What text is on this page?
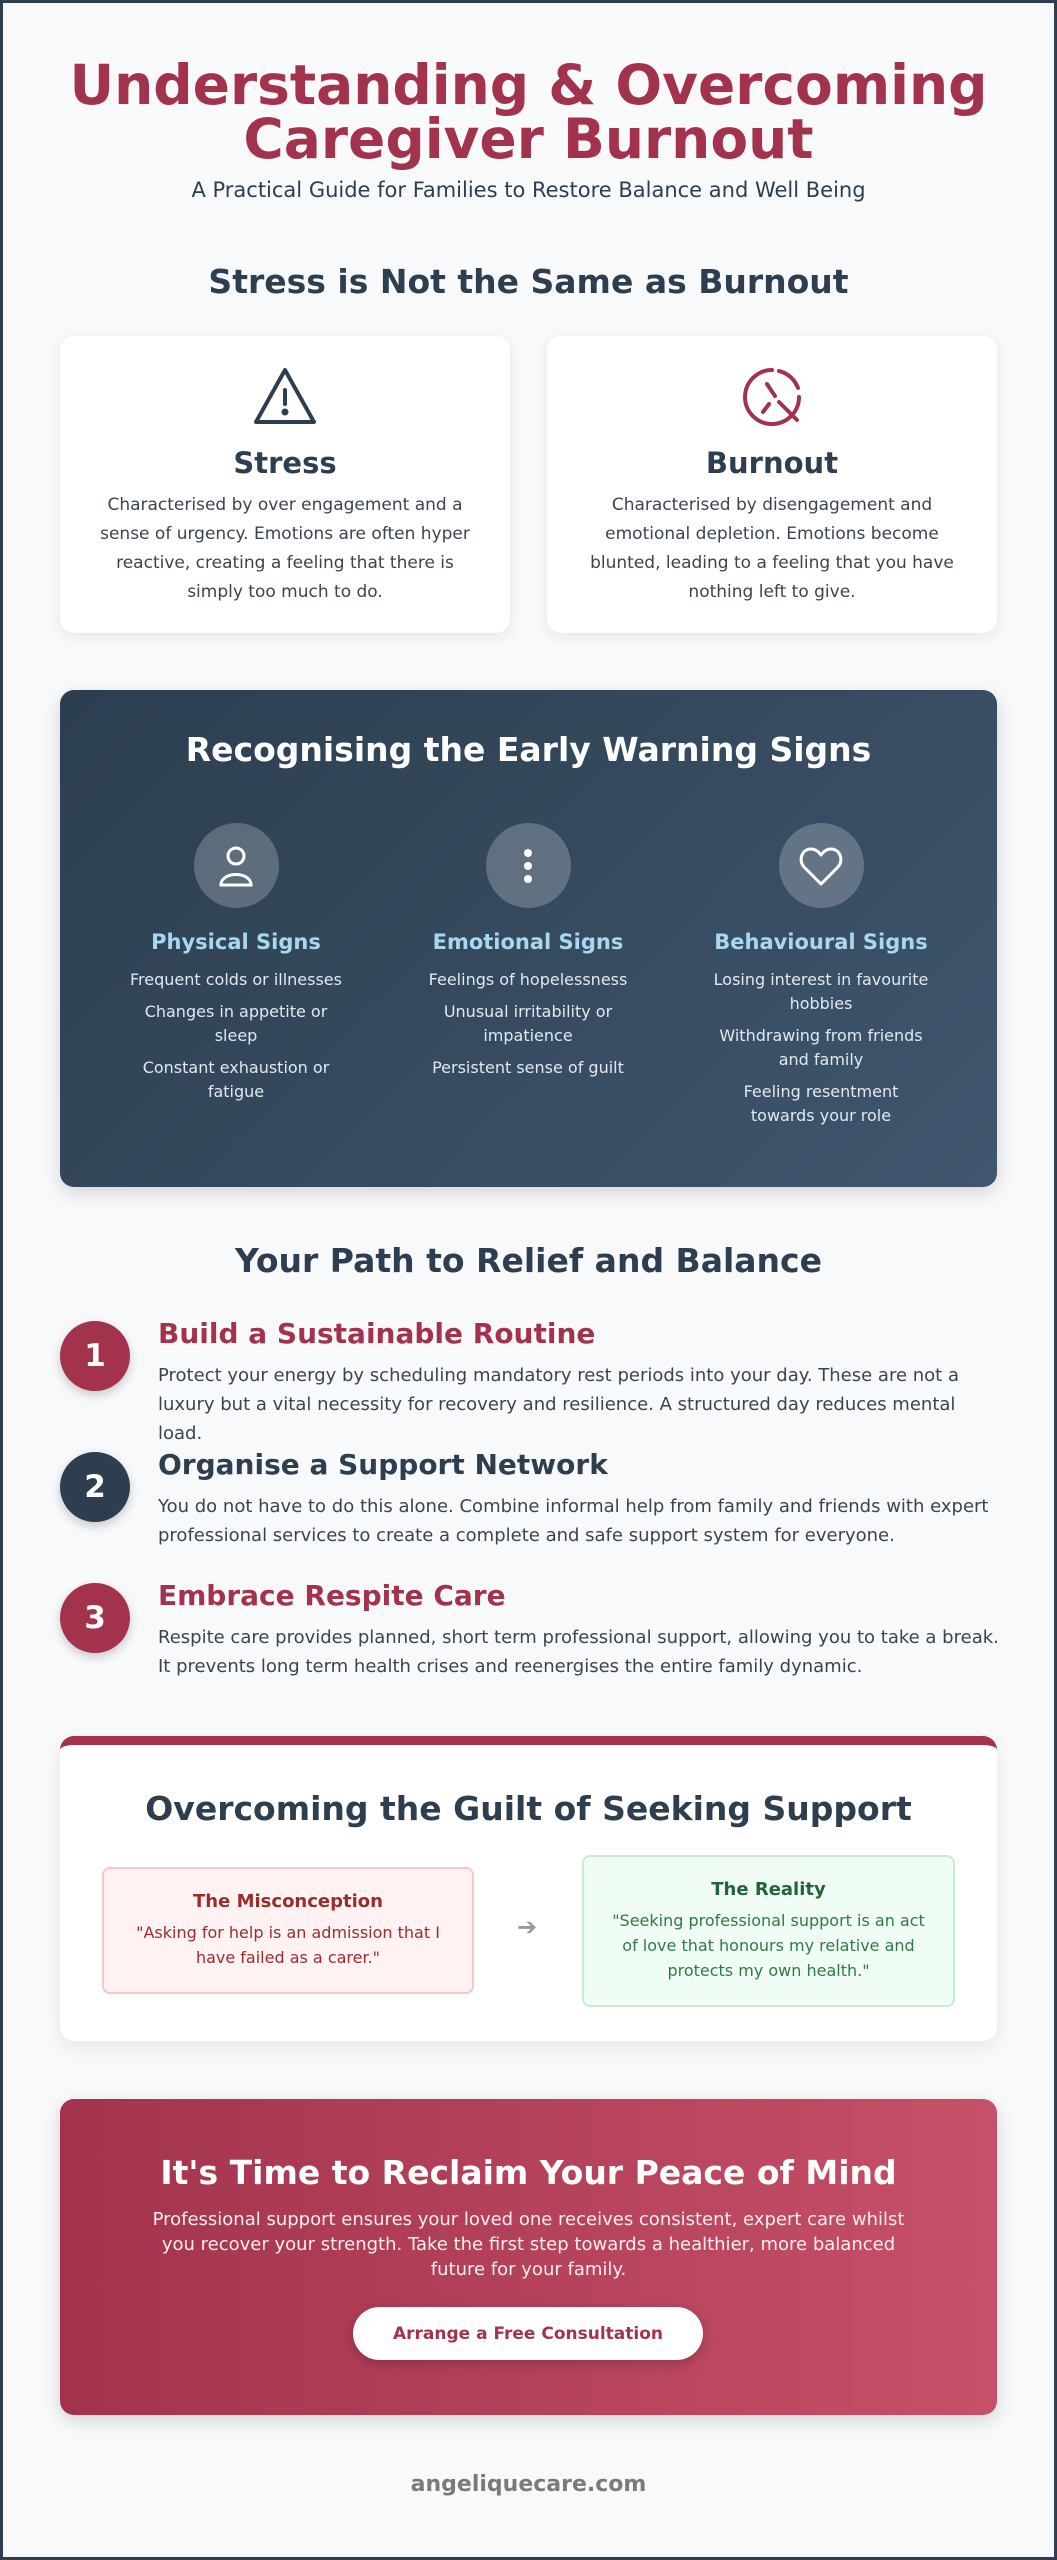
Understanding & Overcoming
Caregiver Burnout
A Practical Guide for Families to Restore Balance and Well Being
Stress is Not the Same as Burnout
Stress

Characterised by over engagement and a sense of urgency. Emotions are often hyper reactive, creating a feeling that there is simply too much to do.

Burnout

Characterised by disengagement and emotional depletion. Emotions become blunted, leading to a feeling that you have nothing left to give.

Recognising the Early Warning Signs
Physical Signs
Frequent colds or illnesses
Changes in appetite or sleep
Constant exhaustion or fatigue
Emotional Signs
Feelings of hopelessness
Unusual irritability or impatience
Persistent sense of guilt
Behavioural Signs
Losing interest in favourite hobbies
Withdrawing from friends and family
Feeling resentment towards your role
Your Path to Relief and Balance
1
Build a Sustainable Routine

Protect your energy by scheduling mandatory rest periods into your day. These are not a luxury but a vital necessity for recovery and resilience. A structured day reduces mental load.

2
Organise a Support Network

You do not have to do this alone. Combine informal help from family and friends with expert professional services to create a complete and safe support system for everyone.

3
Embrace Respite Care

Respite care provides planned, short term professional support, allowing you to take a break. It prevents long term health crises and reenergises the entire family dynamic.

Overcoming the Guilt of Seeking Support
The Misconception

"Asking for help is an admission that I have failed as a carer."

➔
The Reality

"Seeking professional support is an act of love that honours my relative and protects my own health."

It's Time to Reclaim Your Peace of Mind

Professional support ensures your loved one receives consistent, expert care whilst you recover your strength. Take the first step towards a healthier, more balanced future for your family.

Arrange a Free Consultation
angeliquecare.com
